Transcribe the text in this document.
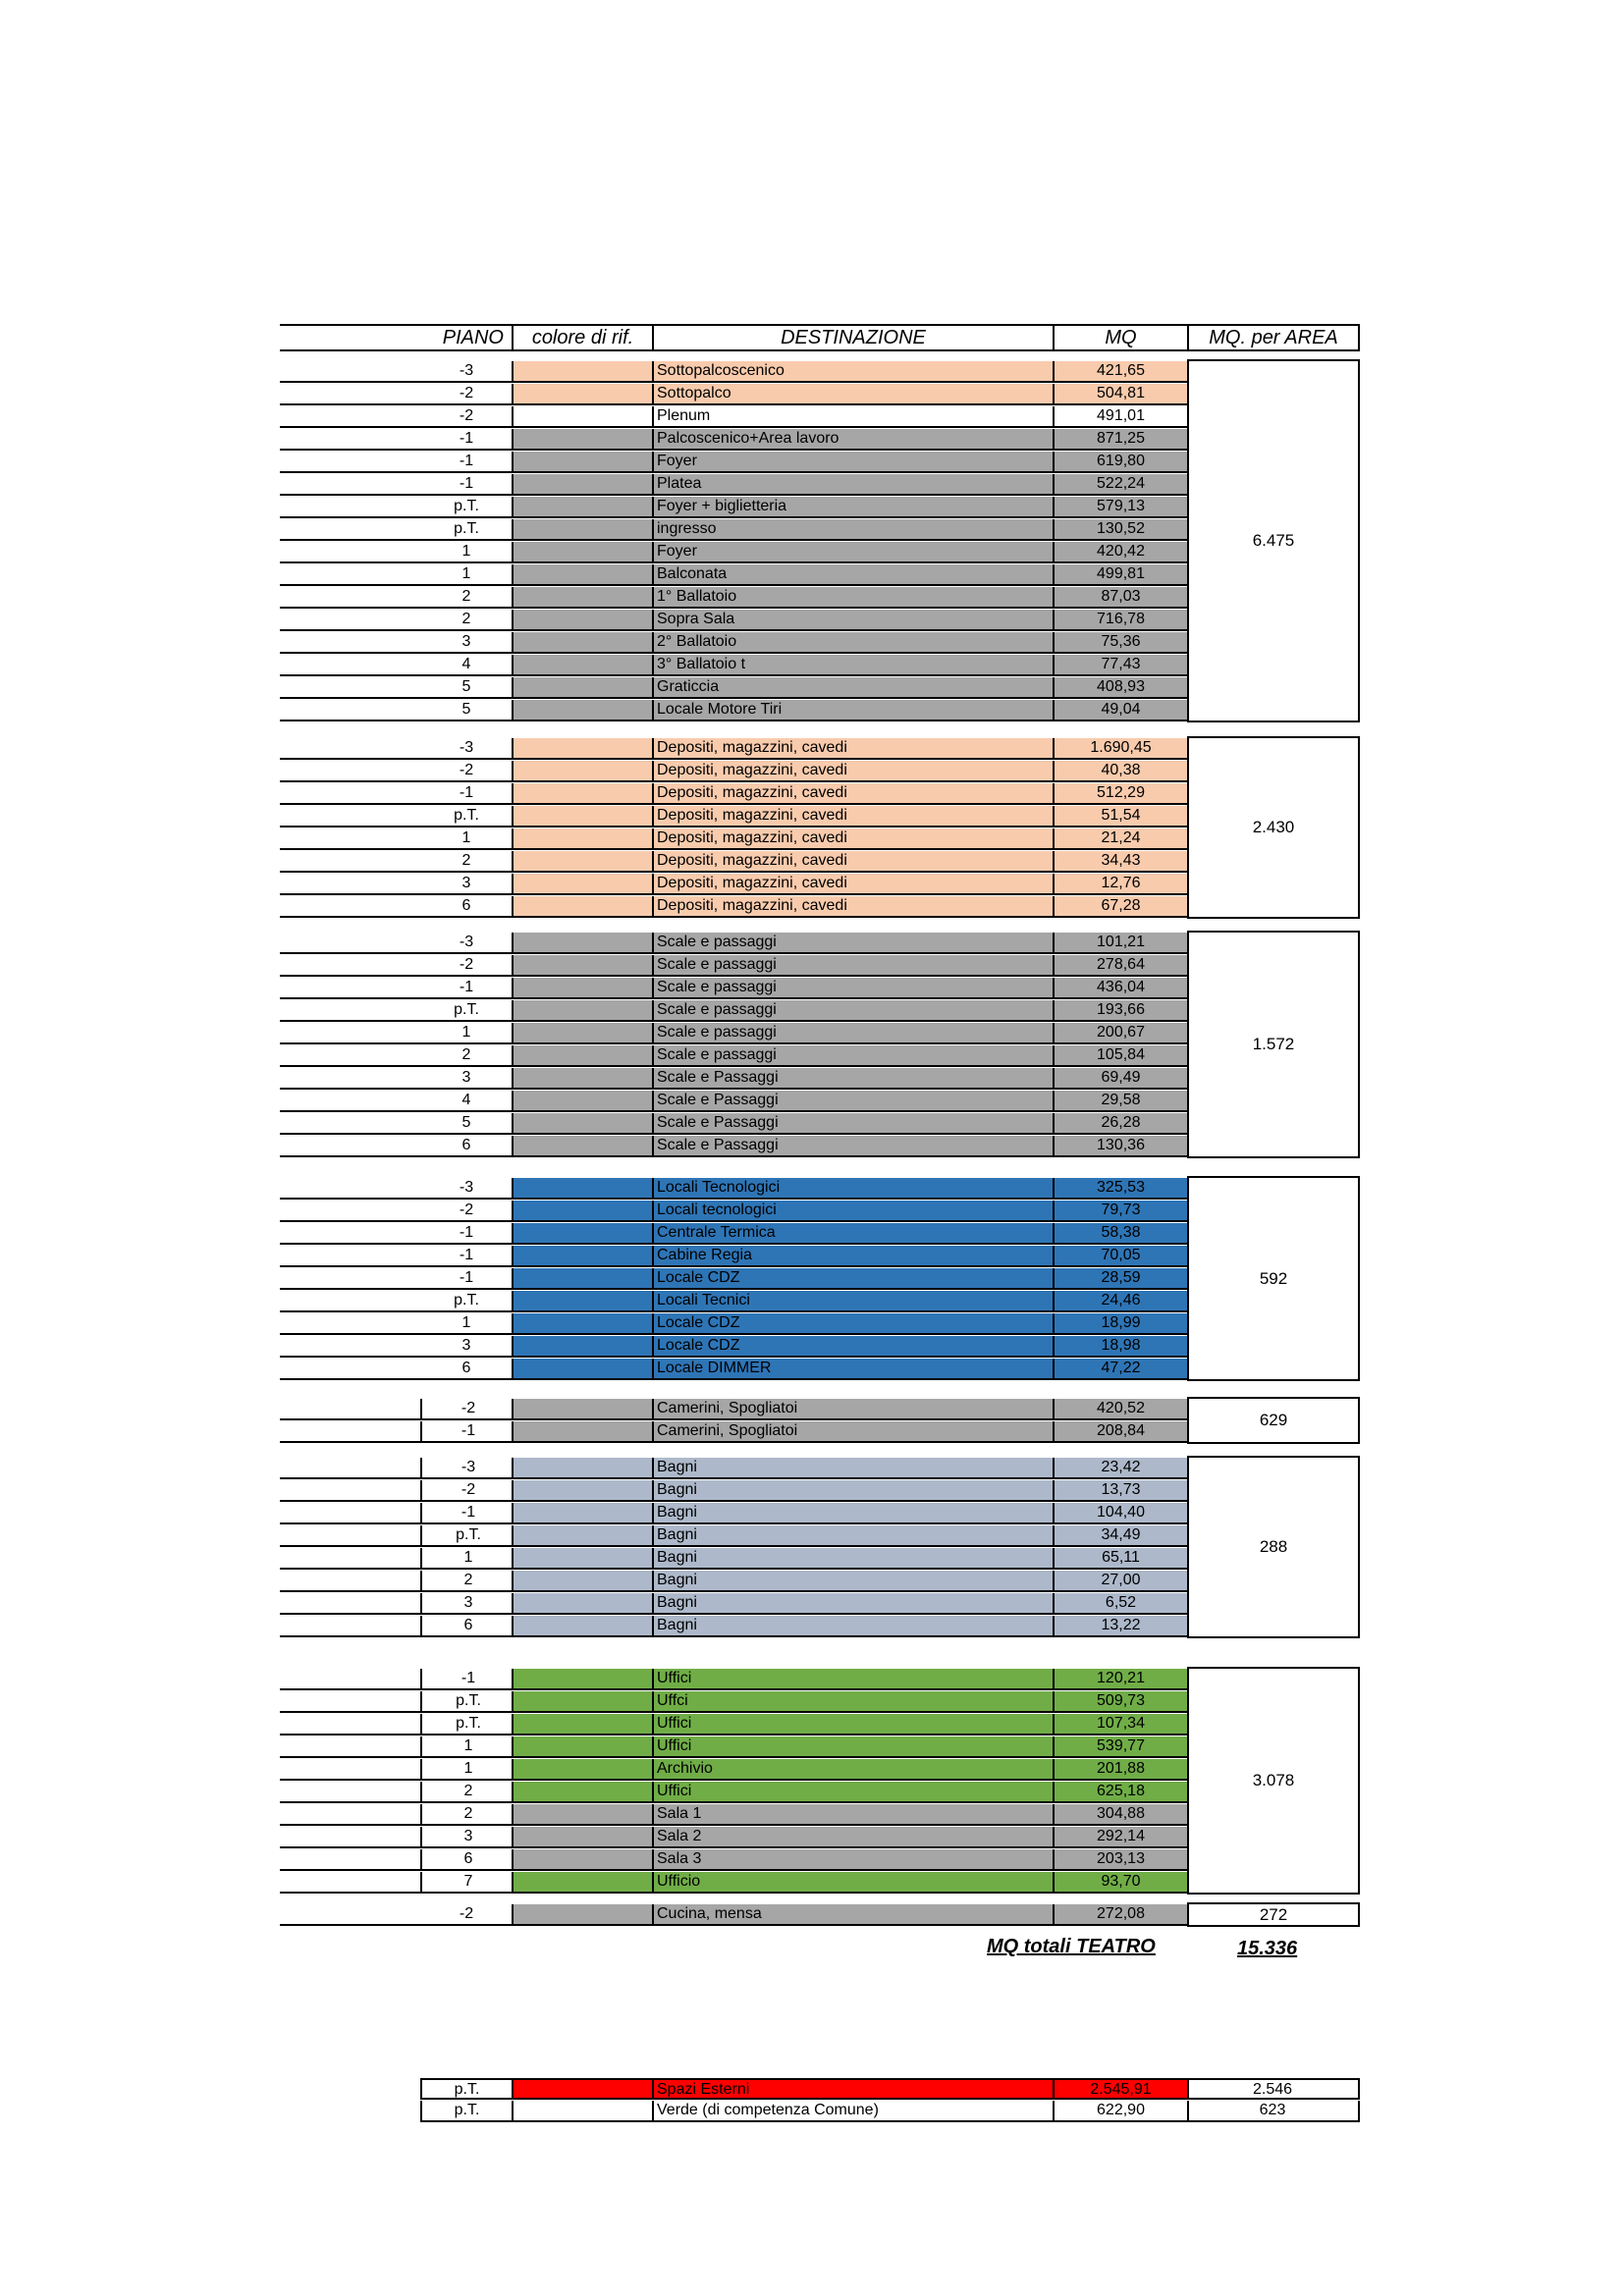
PIANO	colore di rif.	DESTINAZIONE	MQ	MQ. per AREA
-3	Sottopalcoscenico	421,65
-2	Sottopalco	504,81
-2	Plenum	491,01
-1	Palcoscenico+Area lavoro	871,25
-1	Foyer	619,80
-1	Platea	522,24
p.T.	Foyer + biglietteria	579,13
p.T.	ingresso	130,52
1	Foyer	420,42
1	Balconata	499,81
2	1° Ballatoio	87,03
2	Sopra Sala	716,78
3	2° Ballatoio	75,36
4	3° Ballatoio t	77,43
5	Graticcia	408,93
5	Locale Motore Tiri	49,04
6.475
-3	Depositi, magazzini, cavedi	1.690,45
-2	Depositi, magazzini, cavedi	40,38
-1	Depositi, magazzini, cavedi	512,29
p.T.	Depositi, magazzini, cavedi	51,54
1	Depositi, magazzini, cavedi	21,24
2	Depositi, magazzini, cavedi	34,43
3	Depositi, magazzini, cavedi	12,76
6	Depositi, magazzini, cavedi	67,28
2.430
-3	Scale e passaggi	101,21
-2	Scale e passaggi	278,64
-1	Scale e passaggi	436,04
p.T.	Scale e passaggi	193,66
1	Scale e passaggi	200,67
2	Scale e passaggi	105,84
3	Scale e Passaggi	69,49
4	Scale e Passaggi	29,58
5	Scale e Passaggi	26,28
6	Scale e Passaggi	130,36
1.572
-3	Locali Tecnologici	325,53
-2	Locali tecnologici	79,73
-1	Centrale Termica	58,38
-1	Cabine Regia	70,05
-1	Locale CDZ	28,59
p.T.	Locali Tecnici	24,46
1	Locale CDZ	18,99
3	Locale CDZ	18,98
6	Locale DIMMER	47,22
592
-2	Camerini, Spogliatoi	420,52
-1	Camerini, Spogliatoi	208,84
629
-3	Bagni	23,42
-2	Bagni	13,73
-1	Bagni	104,40
p.T.	Bagni	34,49
1	Bagni	65,11
2	Bagni	27,00
3	Bagni	6,52
6	Bagni	13,22
288
-1	Uffici	120,21
p.T.	Uffci	509,73
p.T.	Uffici	107,34
1	Uffici	539,77
1	Archivio	201,88
2	Uffici	625,18
2	Sala 1	304,88
3	Sala 2	292,14
6	Sala 3	203,13
7	Ufficio	93,70
3.078
-2	Cucina, mensa	272,08	272
MQ totali TEATRO	15.336
p.T.	Spazi Esterni	2.545,91	2.546
p.T.	Verde (di competenza Comune)	622,90	623
